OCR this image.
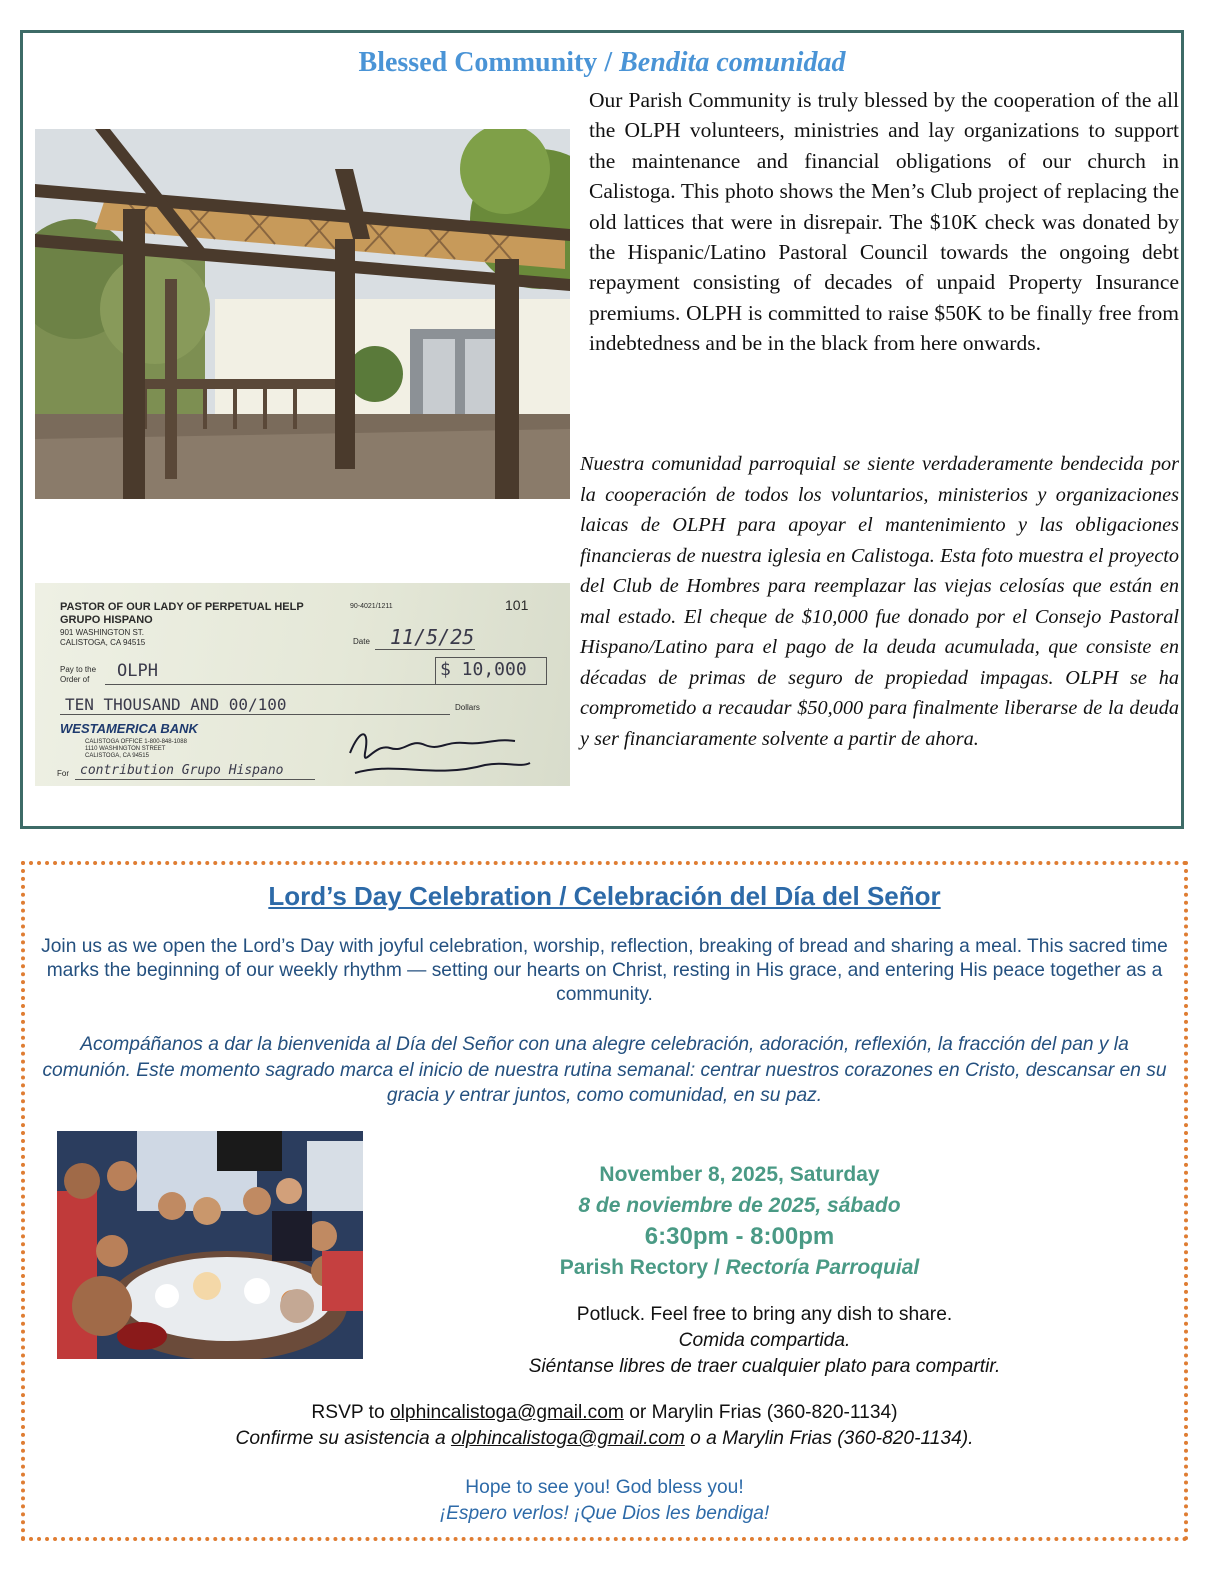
Blessed Community / Bendita comunidad
PASTOR OF OUR LADY OF PERPETUAL HELP
GRUPO HISPANO
901 WASHINGTON ST.
CALISTOGA, CA 94515
90-4021/1211	101
Date 11/5/25
Pay to the
Order of OLPH	$ 10,000
TEN THOUSAND AND 00/100	Dollars
WESTAMERICA BANK
CALISTOGA OFFICE 1-800-848-1088
1110 WASHINGTON STREET
CALISTOGA, CA 94515
For contribution Grupo Hispano
Our Parish Community is truly blessed by the cooperation of the all the OLPH volunteers, ministries and lay organizations to support the maintenance and financial obligations of our church in Calistoga. This photo shows the Men’s Club project of replacing the old lattices that were in disrepair. The $10K check was donated by the Hispanic/Latino Pastoral Council towards the ongoing debt repayment consisting of decades of unpaid Property Insurance premiums. OLPH is committed to raise $50K to be finally free from indebtedness and be in the black from here onwards.
Nuestra comunidad parroquial se siente verdaderamente bendecida por la cooperación de todos los voluntarios, ministerios y organizaciones laicas de OLPH para apoyar el mantenimiento y las obligaciones financieras de nuestra iglesia en Calistoga. Esta foto muestra el proyecto del Club de Hombres para reemplazar las viejas celosías que están en mal estado. El cheque de $10,000 fue donado por el Consejo Pastoral Hispano/Latino para el pago de la deuda acumulada, que consiste en décadas de primas de seguro de propiedad impagas. OLPH se ha comprometido a recaudar $50,000 para finalmente liberarse de la deuda y ser financiaramente solvente a partir de ahora.
Lord’s Day Celebration / Celebración del Día del Señor
Join us as we open the Lord’s Day with joyful celebration, worship, reflection, breaking of bread and sharing a meal. This sacred time marks the beginning of our weekly rhythm — setting our hearts on Christ, resting in His grace, and entering His peace together as a community.
Acompáñanos a dar la bienvenida al Día del Señor con una alegre celebración, adoración, reflexión, la fracción del pan y la comunión. Este momento sagrado marca el inicio de nuestra rutina semanal: centrar nuestros corazones en Cristo, descansar en su gracia y entrar juntos, como comunidad, en su paz.
November 8, 2025, Saturday
8 de noviembre de 2025, sábado
6:30pm - 8:00pm
Parish Rectory / Rectoría Parroquial
Potluck. Feel free to bring any dish to share.
Comida compartida.
Siéntanse libres de traer cualquier plato para compartir.
RSVP to olphincalistoga@gmail.com or Marylin Frias (360-820-1134)
Confirme su asistencia a olphincalistoga@gmail.com o a Marylin Frias (360-820-1134).
Hope to see you! God bless you!
¡Espero verlos! ¡Que Dios les bendiga!
